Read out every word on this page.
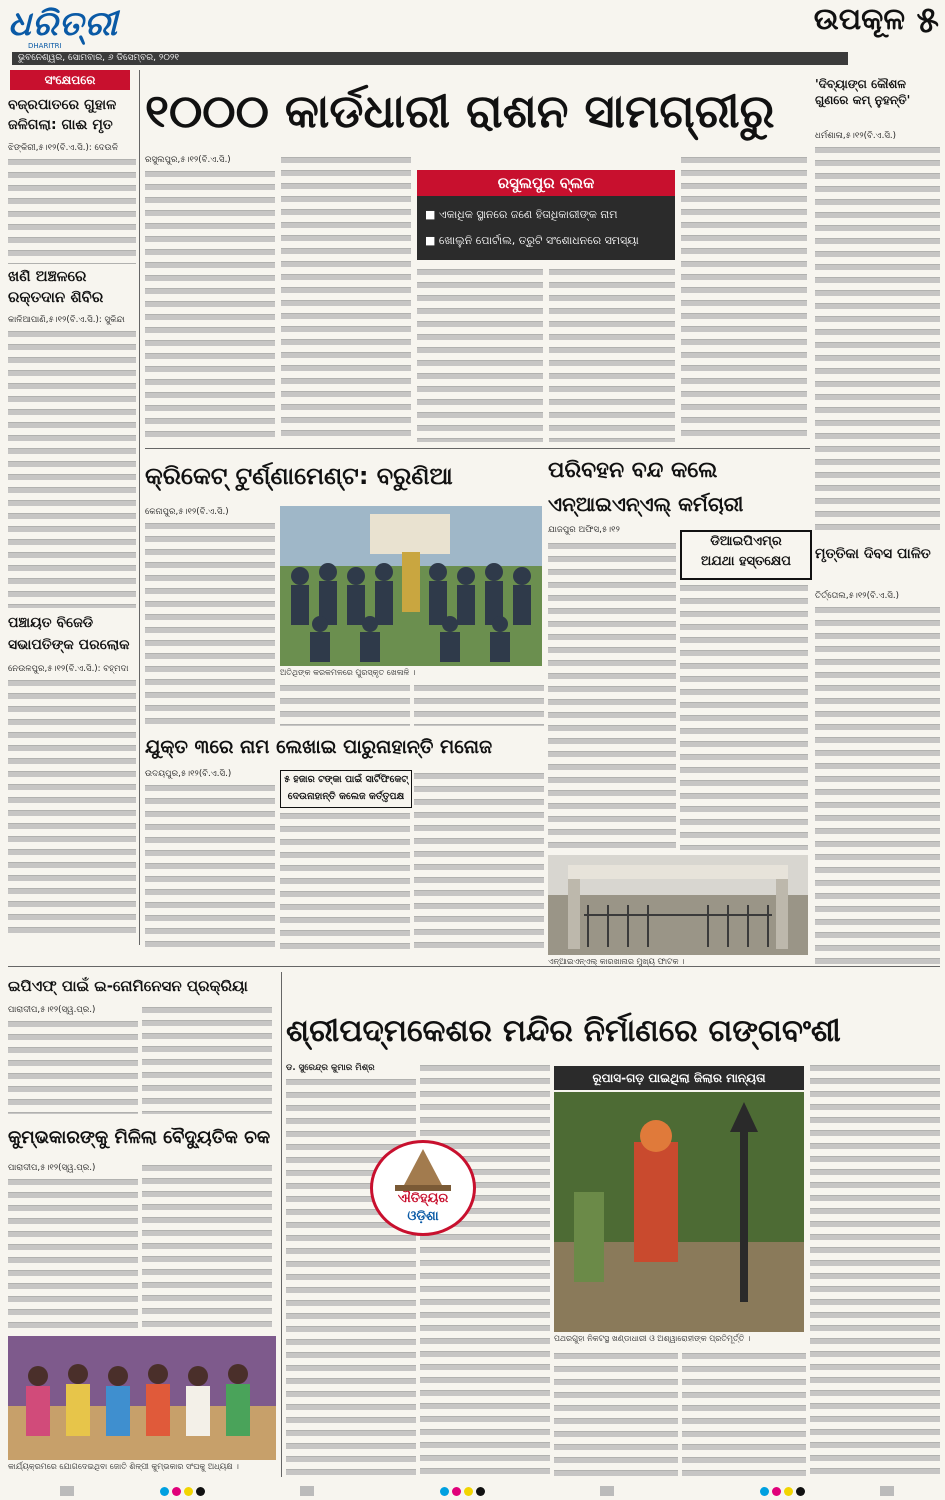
ଧରିତ୍ରୀ
DHARITRI
ଭୁବନେଶ୍ୱର, ସୋମବାର, ୬ ଡିସେମ୍ବର, ୨୦୨୧
ଉପକୂଳ ୫
ସଂକ୍ଷେପରେ
ବଜ୍ରପାତରେ ଗୁହାଳ ଜଳିଗଲା: ଗାଈ ମୃତ
ଝିଙ୍କିରୀ,୫।୧୨(ବି.ଏ.ସି.): ଦେଉଳି
ଖଣି ଅଞ୍ଚଳରେ ରକ୍ତଦାନ ଶିବିର
କାଳିଆପାଣି,୫।୧୨(ବି.ଏ.ସି.): ସୁକିନ୍ଦା
ପଞ୍ଚାୟତ ବିଜେଡି ସଭାପତିଙ୍କ ପରଲୋକ
ନେଉଳପୁର,୫।୧୨(ବି.ଏ.ସି.): ବହ୍ମଦା
୧୦୦୦ କାର୍ଡଧାରୀ ରାଶନ ସାମଗ୍ରୀରୁ
ରସୁଲପୁର,୫।୧୨(ବି.ଏ.ସି.)
ରସୁଲପୁର ବ୍ଲକ
■ ଏକାଧିକ ସ୍ଥାନରେ ଜଣେ ହିତାଧିକାରୀଙ୍କ ନାମ
■ ଖୋଲୁନି ପୋର୍ଟାଲ, ତ୍ରୁଟି ସଂଶୋଧନରେ ସମସ୍ୟା
'ଦିବ୍ୟାଙ୍ଗ କୌଶଳ ଗୁଣରେ କମ୍ ନୁହନ୍ତି'
ଧର୍ମଶାଳା,୫।୧୨(ବି.ଏ.ସି.)
କ୍ରିକେଟ୍ ଟୁର୍ଣ୍ଣାମେଣ୍ଟ: ବରୁଣିଆ
କେନାପୁର,୫।୧୨(ବି.ଏ.ସି.)
ଅତିଥିଙ୍କ କରକମଳରେ ପୁରସ୍କୃତ ଖେଳାଳି ।
ପରିବହନ ବନ୍ଦ କଲେ
ଏନ୍‌ଆଇଏନ୍‌ଏଲ୍ କର୍ମଚାରୀ
ଯାଜପୁର ଅଫିସ,୫।୧୨
ଡିଆଇପିଏମ୍‌ର
ଅଯଥା ହସ୍ତକ୍ଷେପ
ଏନ୍‌ଆଇଏନ୍‌ଏଲ୍ କାରଖାନାର ମୁଖ୍ୟ ଫାଟକ ।
ମୃତ୍ତିକା ଦିବସ ପାଳିତ
ତିର୍ତ୍ତୋଲ,୫।୧୨(ବି.ଏ.ସି.)
ଯୁକ୍ତ ୩ରେ ନାମ ଲେଖାଇ ପାରୁନାହାନ୍ତି ମନୋଜ
ଉଦୟପୁର,୫।୧୨(ବି.ଏ.ସି.)	୫ ହଜାର ଟଙ୍କା ପାଇଁ ସାର୍ଟିଫିକେଟ୍
ଦେଉନାହାନ୍ତି କଲେଜ କର୍ତ୍ତୃପକ୍ଷ
ଇପିଏଫ୍ ପାଇଁ ଇ-ନୋମିନେସନ ପ୍ରକ୍ରିୟା
ପାରାଦୀପ,୫।୧୨(ସ୍ୱ.ପ୍ର.)
କୁମ୍ଭକାରଙ୍କୁ ମିଳିଲା ବୈଦ୍ୟୁତିକ ଚକ
ପାରାଦୀପ,୫।୧୨(ସ୍ୱ.ପ୍ର.)
କାର୍ଯ୍ୟକ୍ରମରେ ଯୋଗଦେଇଥିବା ଜୋତି ଶିଳ୍ପୀ କୁମ୍ଭକାର ସଂଘକୁ ଅଧ୍ୟକ୍ଷ ।
ଶ୍ରୀପଦ୍ମକେଶର ମନ୍ଦିର ନିର୍ମାଣରେ ଗଙ୍ଗବଂଶୀ
ଡ. ସୁରେନ୍ଦ୍ର କୁମାର ମିଶ୍ର
ଐତିହ୍ୟର
ଓଡ଼ିଶା
ରୂପାସ-ଗଡ଼ ପାଇଥିଲା ଜିଲାର ମାନ୍ୟତା
ପଥରଗୁହା ନିକଟସ୍ଥ ଖଣ୍ଡାଧାରୀ ଓ ଅଶ୍ୱାରୋହୀଙ୍କ ପ୍ରତିମୂର୍ତ୍ତି ।
